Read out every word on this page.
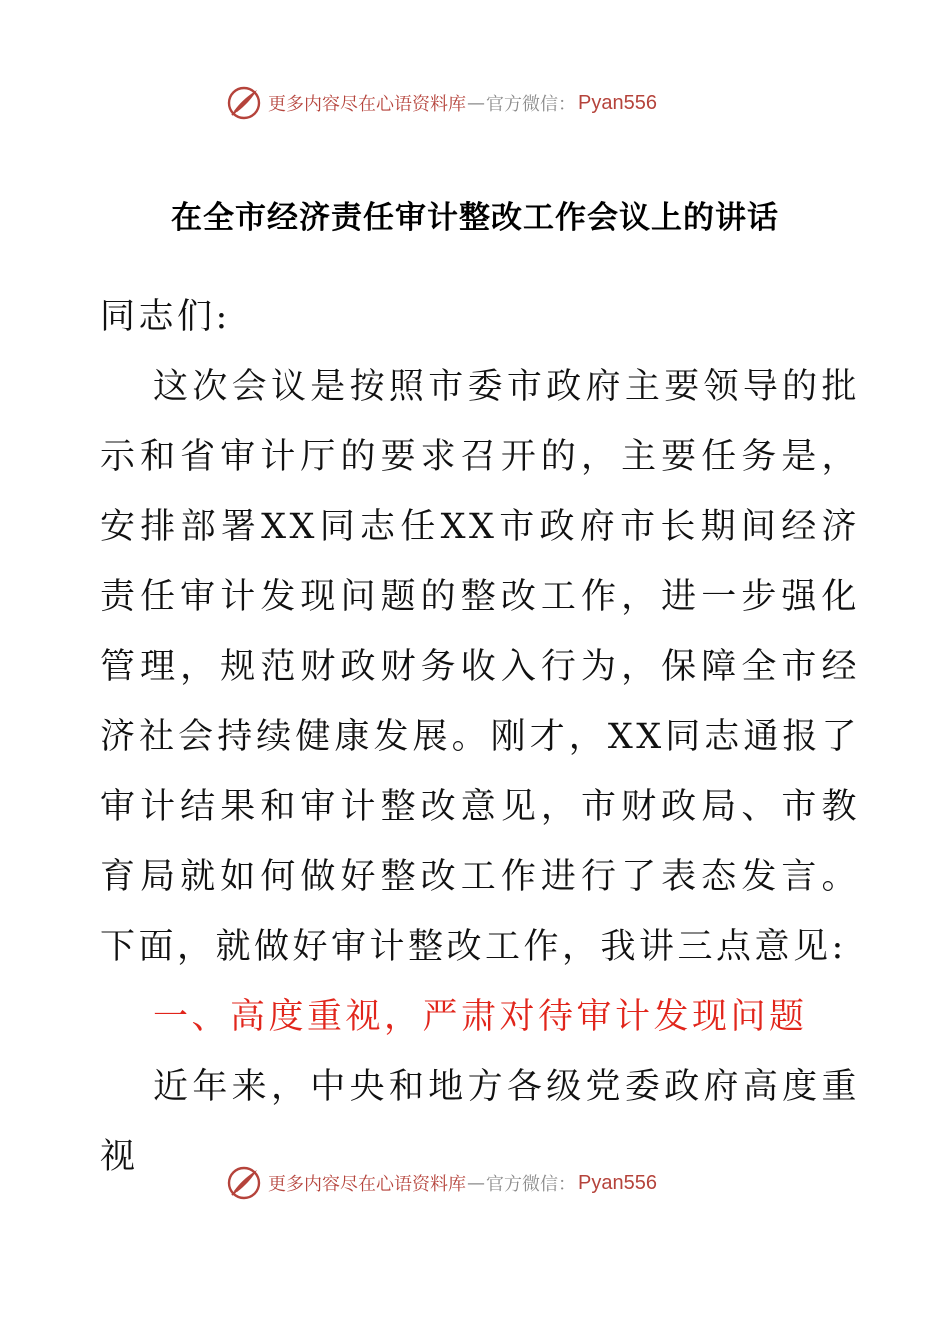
更多内容尽在心语资料库 — 官方微信： Pyan556
在全市经济责任审计整改工作会议上的讲话

同志们:

这次会议是按照市委市政府主要领导的批示和省审计厅的要求召开的，主要任务是，安排部署XX同志任XX市政府市长期间经济责任审计发现问题的整改工作，进一步强化管理，规范财政财务收入行为，保障全市经济社会持续健康发展。刚才，XX同志通报了审计结果和审计整改意见，市财政局、市教育局就如何做好整改工作进行了表态发言。下面，就做好审计整改工作，我讲三点意见:

一、高度重视，严肃对待审计发现问题

近年来，中央和地方各级党委政府高度重视

更多内容尽在心语资料库 — 官方微信： Pyan556
